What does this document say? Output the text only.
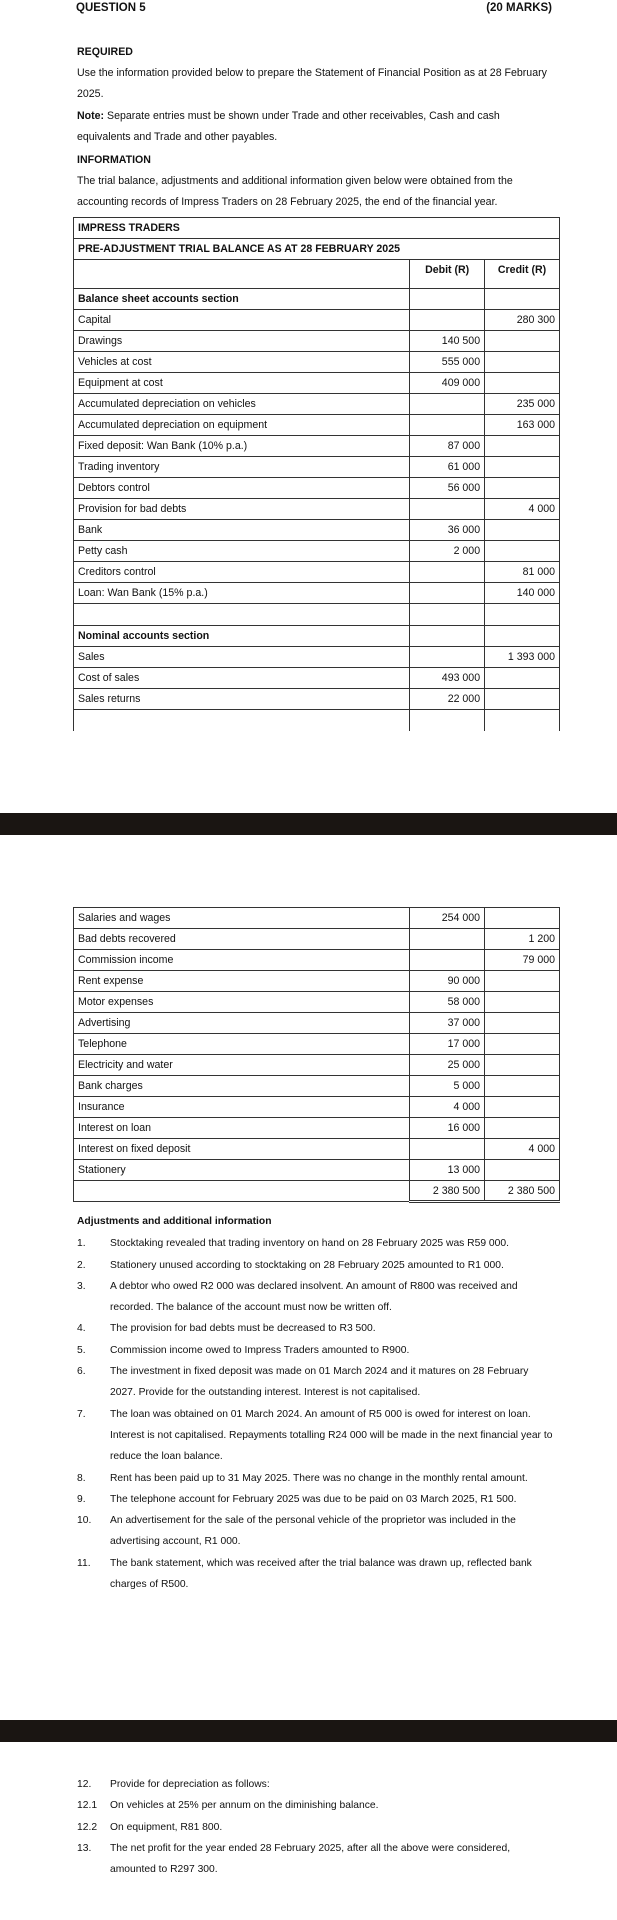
QUESTION 5	(20 MARKS)
REQUIRED
Use the information provided below to prepare the Statement of Financial Position as at 28 February 2025.
Note: Separate entries must be shown under Trade and other receivables, Cash and cash equivalents and Trade and other payables.
INFORMATION
The trial balance, adjustments and additional information given below were obtained from the accounting records of Impress Traders on 28 February 2025, the end of the financial year.
IMPRESS TRADERS		
PRE-ADJUSTMENT TRIAL BALANCE AS AT 28 FEBRUARY 2025		
	Debit (R)	Credit (R)
Balance sheet accounts section		
Capital		280 300
Drawings	140 500	
Vehicles at cost	555 000	
Equipment at cost	409 000	
Accumulated depreciation on vehicles		235 000
Accumulated depreciation on equipment		163 000
Fixed deposit: Wan Bank (10% p.a.)	87 000	
Trading inventory	61 000	
Debtors control	56 000	
Provision for bad debts		4 000
Bank	36 000	
Petty cash	2 000	
Creditors control		81 000
Loan: Wan Bank (15% p.a.)		140 000

Nominal accounts section		
Sales		1 393 000
Cost of sales	493 000	
Sales returns	22 000	

Salaries and wages	254 000	
Bad debts recovered		1 200
Commission income		79 000
Rent expense	90 000	
Motor expenses	58 000	
Advertising	37 000	
Telephone	17 000	
Electricity and water	25 000	
Bank charges	5 000	
Insurance	4 000	
Interest on loan	16 000	
Interest on fixed deposit		4 000
Stationery	13 000	
	2 380 500	2 380 500
Adjustments and additional information
1.	Stocktaking revealed that trading inventory on hand on 28 February 2025 was R59 000.
2.	Stationery unused according to stocktaking on 28 February 2025 amounted to R1 000.
3.	A debtor who owed R2 000 was declared insolvent. An amount of R800 was received and recorded. The balance of the account must now be written off.
4.	The provision for bad debts must be decreased to R3 500.
5.	Commission income owed to Impress Traders amounted to R900.
6.	The investment in fixed deposit was made on 01 March 2024 and it matures on 28 February 2027. Provide for the outstanding interest. Interest is not capitalised.
7.	The loan was obtained on 01 March 2024. An amount of R5 000 is owed for interest on loan. Interest is not capitalised. Repayments totalling R24 000 will be made in the next financial year to reduce the loan balance.
8.	Rent has been paid up to 31 May 2025. There was no change in the monthly rental amount.
9.	The telephone account for February 2025 was due to be paid on 03 March 2025, R1 500.
10.	An advertisement for the sale of the personal vehicle of the proprietor was included in the advertising account, R1 000.
11.	The bank statement, which was received after the trial balance was drawn up, reflected bank charges of R500.
12.	Provide for depreciation as follows:
12.1	On vehicles at 25% per annum on the diminishing balance.
12.2	On equipment, R81 800.
13.	The net profit for the year ended 28 February 2025, after all the above were considered, amounted to R297 300.
